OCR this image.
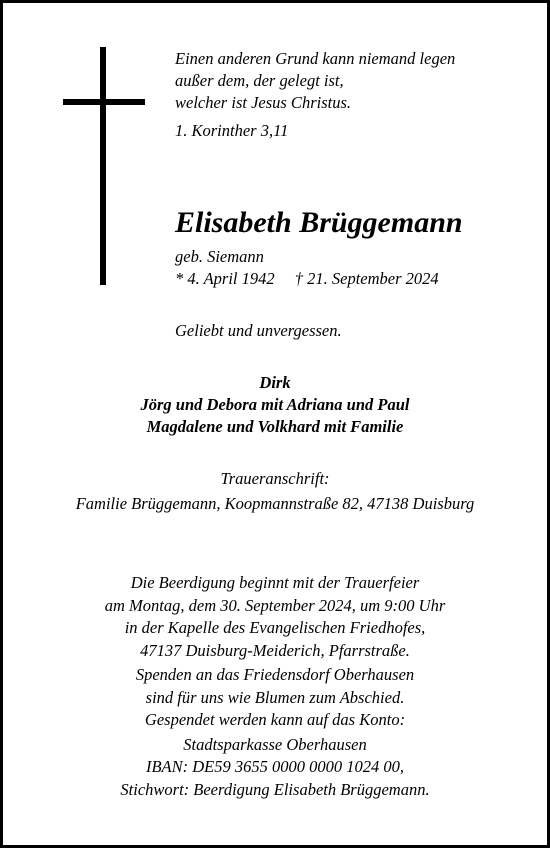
Einen anderen Grund kann niemand legen
außer dem, der gelegt ist,
welcher ist Jesus Christus.
1. Korinther 3,11
Elisabeth Brüggemann
geb. Siemann
* 4. April 1942 † 21. September 2024
Geliebt und unvergessen.
Dirk
Jörg und Debora mit Adriana und Paul
Magdalene und Volkhard mit Familie
Traueranschrift:
Familie Brüggemann, Koopmannstraße 82, 47138 Duisburg
Die Beerdigung beginnt mit der Trauerfeier
am Montag, dem 30. September 2024, um 9:00 Uhr
in der Kapelle des Evangelischen Friedhofes,
47137 Duisburg-Meiderich, Pfarrstraße.
Spenden an das Friedensdorf Oberhausen
sind für uns wie Blumen zum Abschied.
Gespendet werden kann auf das Konto:
Stadtsparkasse Oberhausen
IBAN: DE59 3655 0000 0000 1024 00,
Stichwort: Beerdigung Elisabeth Brüggemann.
